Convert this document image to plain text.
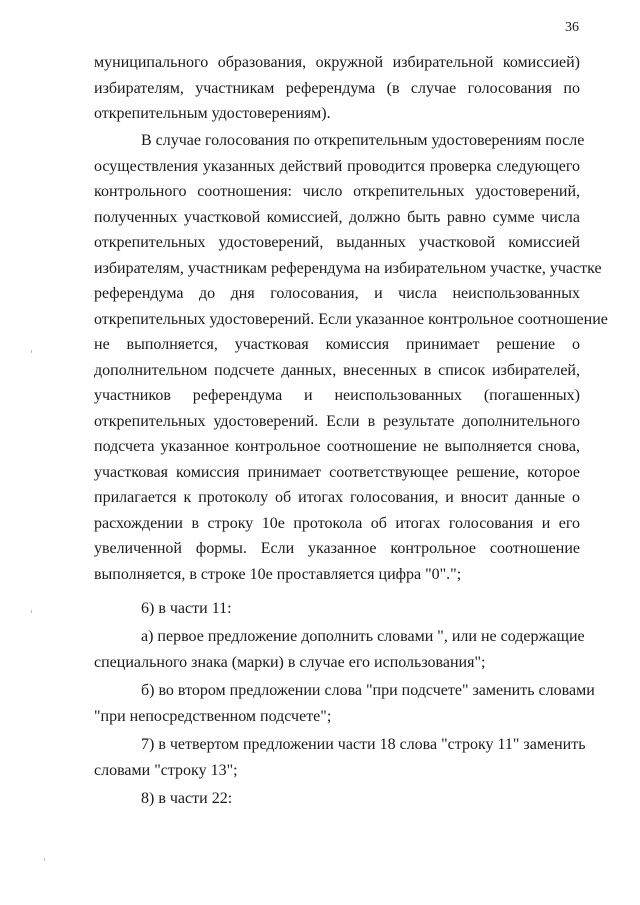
36

муниципального образования, окружной избирательной комиссией)

избирателям, участникам референдума (в случае голосования по

открепительным удостоверениям).

В случае голосования по открепительным удостоверениям после

осуществления указанных действий проводится проверка следующего

контрольного соотношения: число открепительных удостоверений,

полученных участковой комиссией, должно быть равно сумме числа

открепительных удостоверений, выданных участковой комиссией

избирателям, участникам референдума на избирательном участке, участке

референдума до дня голосования, и числа неиспользованных

открепительных удостоверений. Если указанное контрольное соотношение

не выполняется, участковая комиссия принимает решение о

дополнительном подсчете данных, внесенных в список избирателей,

участников референдума и неиспользованных (погашенных)

открепительных удостоверений. Если в результате дополнительного

подсчета указанное контрольное соотношение не выполняется снова,

участковая комиссия принимает соответствующее решение, которое

прилагается к протоколу об итогах голосования, и вносит данные о

расхождении в строку 10е протокола об итогах голосования и его

увеличенной формы. Если указанное контрольное соотношение

выполняется, в строке 10е проставляется цифра "0".";

6) в части 11:

а) первое предложение дополнить словами ", или не содержащие

специального знака (марки) в случае его использования";

б) во втором предложении слова "при подсчете" заменить словами

"при непосредственном подсчете";

7) в четвертом предложении части 18 слова "строку 11" заменить

словами "строку 13";

8) в части 22:
